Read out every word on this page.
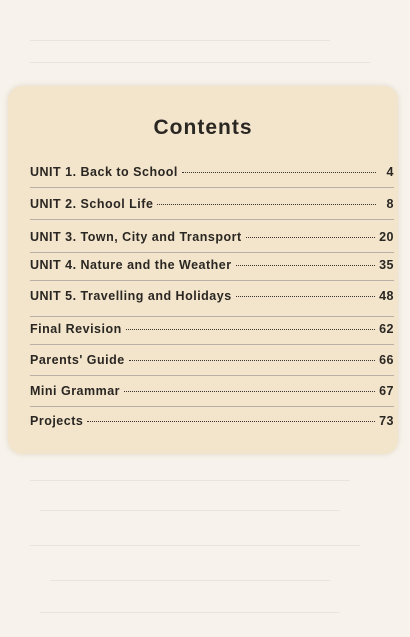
Contents
UNIT 1. Back to School	4
UNIT 2. School Life	8
UNIT 3. Town, City and Transport	20
UNIT 4. Nature and the Weather	35
UNIT 5. Travelling and Holidays	48
Final Revision	62
Parents' Guide	66
Mini Grammar	67
Projects	73
